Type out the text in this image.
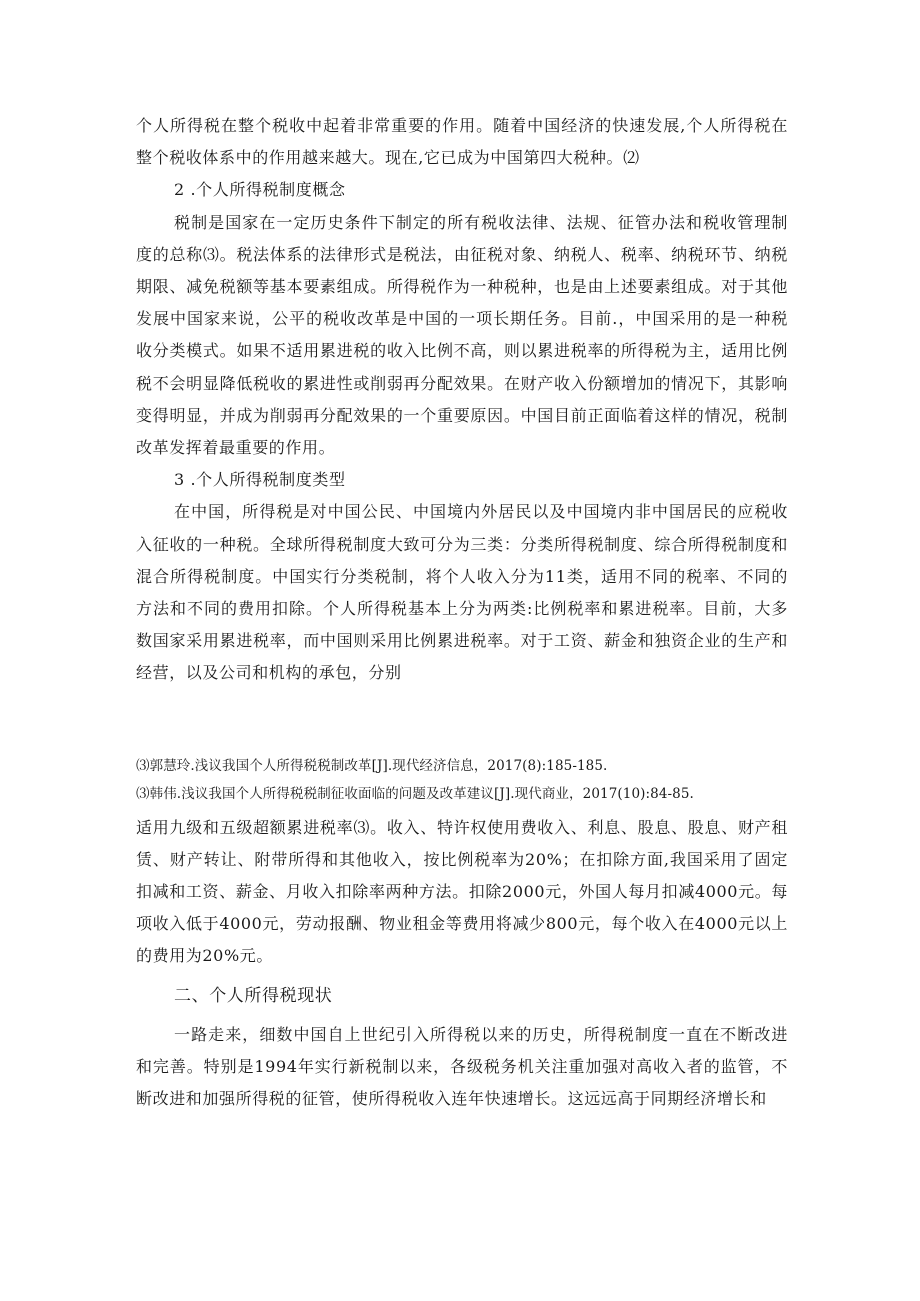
个人所得税在整个税收中起着非常重要的作用。随着中国经济的快速发展,个人所得税在整个税收体系中的作用越来越大。现在,它已成为中国第四大税种。⑵

2 .个人所得税制度概念

税制是国家在一定历史条件下制定的所有税收法律、法规、征管办法和税收管理制度的总称⑶。税法体系的法律形式是税法，由征税对象、纳税人、税率、纳税环节、纳税期限、减免税额等基本要素组成。所得税作为一种税种，也是由上述要素组成。对于其他发展中国家来说，公平的税收改革是中国的一项长期任务。目前.，中国采用的是一种税收分类模式。如果不适用累进税的收入比例不高，则以累进税率的所得税为主，适用比例税不会明显降低税收的累进性或削弱再分配效果。在财产收入份额增加的情况下，其影响变得明显，并成为削弱再分配效果的一个重要原因。中国目前正面临着这样的情况，税制改革发挥着最重要的作用。

3 .个人所得税制度类型

在中国，所得税是对中国公民、中国境内外居民以及中国境内非中国居民的应税收入征收的一种税。全球所得税制度大致可分为三类：分类所得税制度、综合所得税制度和混合所得税制度。中国实行分类税制，将个人收入分为11类，适用不同的税率、不同的方法和不同的费用扣除。个人所得税基本上分为两类:比例税率和累进税率。目前，大多数国家采用累进税率，而中国则采用比例累进税率。对于工资、薪金和独资企业的生产和经营，以及公司和机构的承包，分别

⑶郭慧玲.浅议我国个人所得税税制改革[J].现代经济信息，2017(8):185-185.

⑶韩伟.浅议我国个人所得税税制征收面临的问题及改革建议[J].现代商业，2017(10):84-85.

适用九级和五级超额累进税率⑶。收入、特许权使用费收入、利息、股息、股息、财产租赁、财产转让、附带所得和其他收入，按比例税率为20%；在扣除方面,我国采用了固定扣减和工资、薪金、月收入扣除率两种方法。扣除2000元，外国人每月扣减4000元。每项收入低于4000元，劳动报酬、物业租金等费用将减少800元，每个收入在4000元以上的费用为20%元。

二、个人所得税现状

一路走来，细数中国自上世纪引入所得税以来的历史，所得税制度一直在不断改进和完善。特别是1994年实行新税制以来，各级税务机关注重加强对高收入者的监管，不断改进和加强所得税的征管，使所得税收入连年快速增长。这远远高于同期经济增长和
